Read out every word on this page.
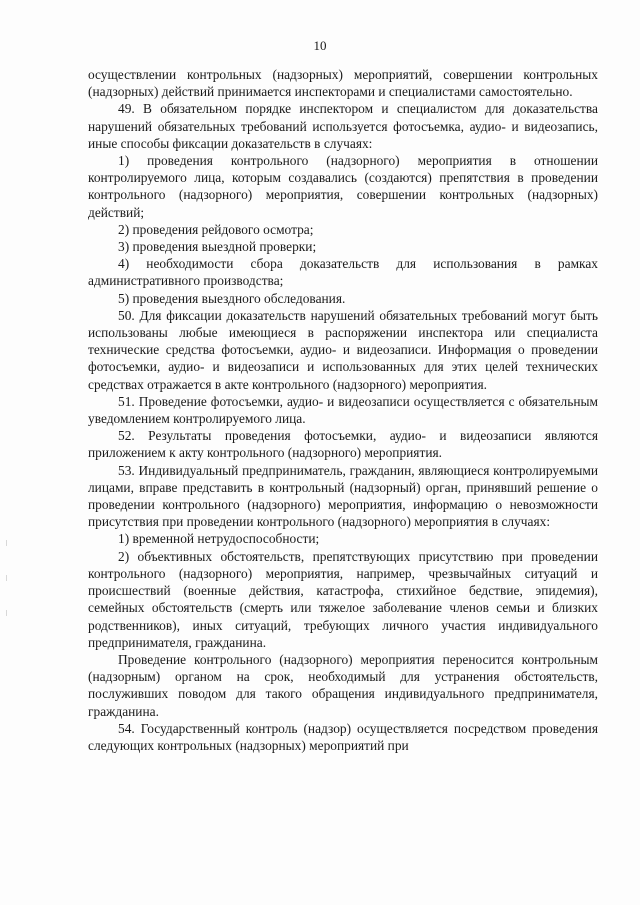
10

осуществлении контрольных (надзорных) мероприятий, совершении контрольных (надзорных) действий принимается инспекторами и специалистами самостоятельно.

49. В обязательном порядке инспектором и специалистом для доказательства нарушений обязательных требований используется фотосъемка, аудио- и видеозапись, иные способы фиксации доказательств в случаях:

1) проведения контрольного (надзорного) мероприятия в отношении контролируемого лица, которым создавались (создаются) препятствия в проведении контрольного (надзорного) мероприятия, совершении контрольных (надзорных) действий;

2) проведения рейдового осмотра;

3) проведения выездной проверки;

4) необходимости сбора доказательств для использования в рамках административного производства;

5) проведения выездного обследования.

50. Для фиксации доказательств нарушений обязательных требований могут быть использованы любые имеющиеся в распоряжении инспектора или специалиста технические средства фотосъемки, аудио- и видеозаписи. Информация о проведении фотосъемки, аудио- и видеозаписи и использованных для этих целей технических средствах отражается в акте контрольного (надзорного) мероприятия.

51. Проведение фотосъемки, аудио- и видеозаписи осуществляется с обязательным уведомлением контролируемого лица.

52. Результаты проведения фотосъемки, аудио- и видеозаписи являются приложением к акту контрольного (надзорного) мероприятия.

53. Индивидуальный предприниматель, гражданин, являющиеся контролируемыми лицами, вправе представить в контрольный (надзорный) орган, принявший решение о проведении контрольного (надзорного) мероприятия, информацию о невозможности присутствия при проведении контрольного (надзорного) мероприятия в случаях:

1) временной нетрудоспособности;

2) объективных обстоятельств, препятствующих присутствию при проведении контрольного (надзорного) мероприятия, например, чрезвычайных ситуаций и происшествий (военные действия, катастрофа, стихийное бедствие, эпидемия), семейных обстоятельств (смерть или тяжелое заболевание членов семьи и близких родственников), иных ситуаций, требующих личного участия индивидуального предпринимателя, гражданина.

Проведение контрольного (надзорного) мероприятия переносится контрольным (надзорным) органом на срок, необходимый для устранения обстоятельств, послуживших поводом для такого обращения индивидуального предпринимателя, гражданина.

54. Государственный контроль (надзор) осуществляется посредством проведения следующих контрольных (надзорных) мероприятий при
